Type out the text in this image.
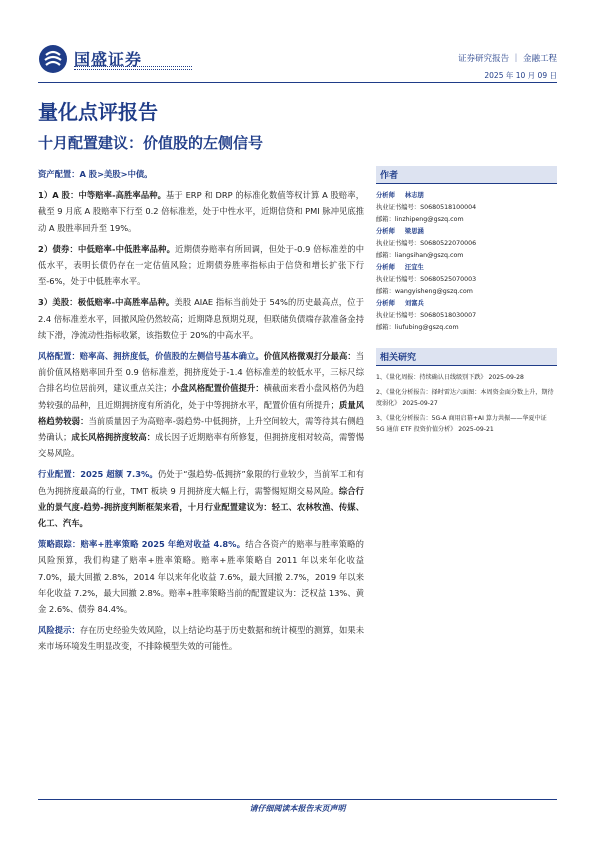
国盛证券	证券研究报告 ｜ 金融工程
2025 年 10 月 09 日
量化点评报告
十月配置建议：价值股的左侧信号

资产配置：A 股>美股>中债。

1）A 股：中等赔率-高胜率品种。基于 ERP 和 DRP 的标准化数值等权计算 A 股赔率，截至 9 月底 A 股赔率下行至 0.2 倍标准差，处于中性水平，近期信贷和 PMI 脉冲见底推动 A 股胜率回升至 19%。

2）债券：中低赔率-中低胜率品种。近期债券赔率有所回调，但处于-0.9 倍标准差的中低水平，表明长债仍存在一定估值风险；近期债券胜率指标由于信贷和增长扩张下行至-6%，处于中低胜率水平。

3）美股：极低赔率-中高胜率品种。美股 AIAE 指标当前处于 54%的历史最高点，位于 2.4 倍标准差水平，回撤风险仍然较高；近期降息预期兑现，但联储负债端存款准备金持续下滑，净流动性指标收紧，该指数位于 20%的中高水平。

风格配置：赔率高、拥挤度低，价值股的左侧信号基本确立。价值风格微观打分最高：当前价值风格赔率回升至 0.9 倍标准差，拥挤度处于-1.4 倍标准差的较低水平，三标尺综合排名均位居前列，建议重点关注；小盘风格配置价值提升：横截面来看小盘风格仍为趋势较强的品种，且近期拥挤度有所消化，处于中等拥挤水平，配置价值有所提升；质量风格趋势较弱：当前质量因子为高赔率-弱趋势-中低拥挤，上升空间较大，需等待其右侧趋势确认；成长风格拥挤度较高：成长因子近期赔率有所修复，但拥挤度相对较高，需警惕交易风险。

行业配置：2025 超额 7.3%。仍处于“强趋势-低拥挤”象限的行业较少，当前军工和有色为拥挤度最高的行业，TMT 板块 9 月拥挤度大幅上行，需警惕短期交易风险。综合行业的景气度-趋势-拥挤度判断框架来看，十月行业配置建议为：轻工、农林牧渔、传媒、化工、汽车。

策略跟踪：赔率+胜率策略 2025 年绝对收益 4.8%。结合各资产的赔率与胜率策略的风险预算，我们构建了赔率+胜率策略。赔率+胜率策略自 2011 年以来年化收益 7.0%，最大回撤 2.8%，2014 年以来年化收益 7.6%，最大回撤 2.7%，2019 年以来年化收益 7.2%，最大回撤 2.8%。赔率+胜率策略当前的配置建议为：泛权益 13%、黄金 2.6%、债券 84.4%。

风险提示：存在历史经验失效风险，以上结论均基于历史数据和统计模型的测算，如果未来市场环境发生明显改变，不排除模型失效的可能性。

作者
分析师 林志朋
执业证书编号：S0680518100004
邮箱：linzhipeng@gszq.com
分析师 梁思涵
执业证书编号：S0680522070006
邮箱：liangsihan@gszq.com
分析师 汪宜生
执业证书编号：S0680525070003
邮箱：wangyisheng@gszq.com
分析师 刘富兵
执业证书编号：S0680518030007
邮箱：liufubing@gszq.com
相关研究
1、《量化周报：持续确认日线级别下跌》 2025-09-28
2、《量化分析报告：择时雷达六面图：本周资金面分数上升，期待度弱化》 2025-09-27
3、《量化分析报告：5G-A 商用启幕+AI 算力共振——华夏中证 5G 通信 ETF 投资价值分析》 2025-09-21
请仔细阅读本报告末页声明
